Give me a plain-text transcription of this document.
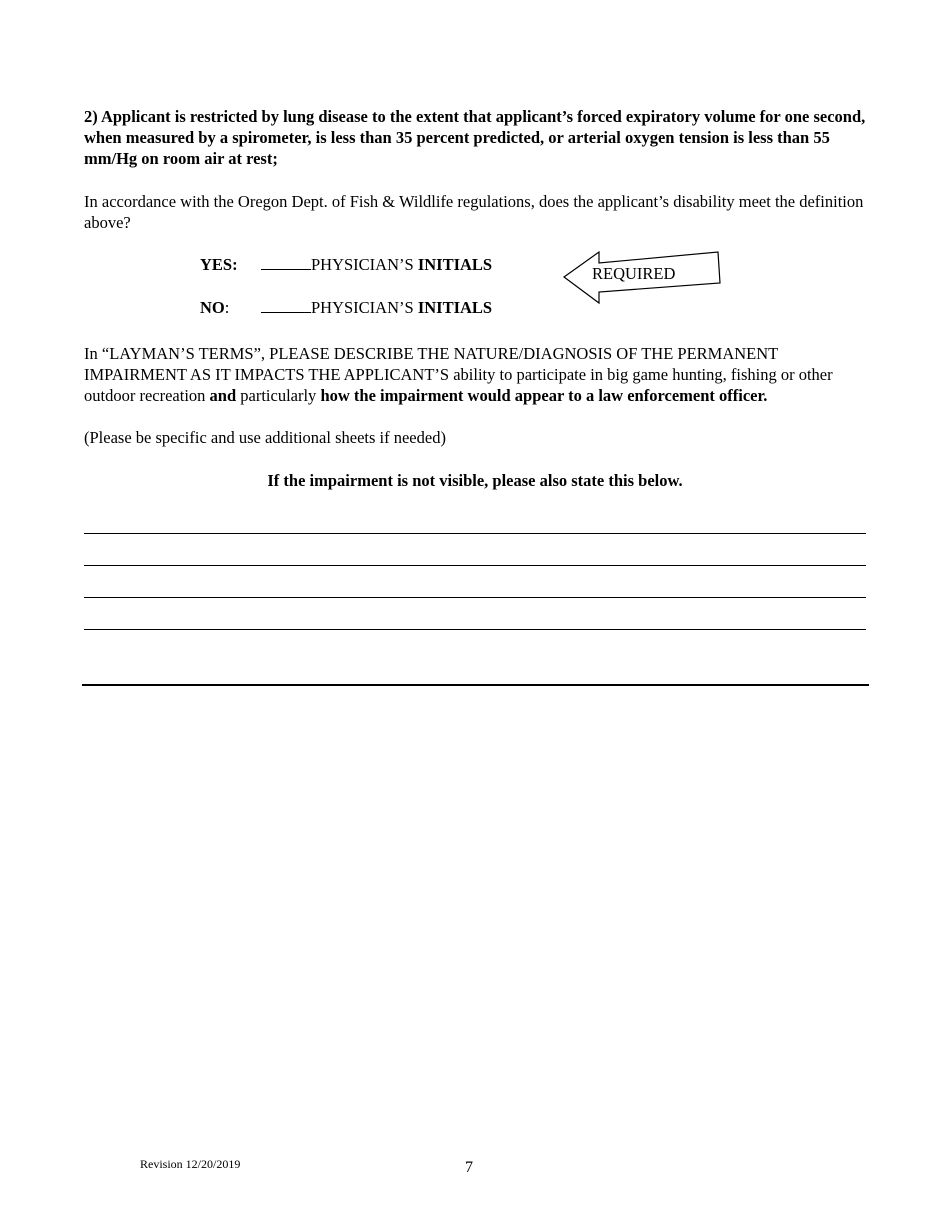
2) Applicant is restricted by lung disease to the extent that applicant’s forced expiratory volume for one second, when measured by a spirometer, is less than 35 percent predicted, or arterial oxygen tension is less than 55 mm/Hg on room air at rest;

In accordance with the Oregon Dept. of Fish & Wildlife regulations, does the applicant’s disability meet the definition above?

YES:	PHYSICIAN’S INITIALS
NO:	PHYSICIAN’S INITIALS
REQUIRED

In “LAYMAN’S TERMS”, PLEASE DESCRIBE THE NATURE/DIAGNOSIS OF THE PERMANENT IMPAIRMENT AS IT IMPACTS THE APPLICANT’S ability to participate in big game hunting, fishing or other outdoor recreation and particularly how the impairment would appear to a law enforcement officer.

(Please be specific and use additional sheets if needed)
If the impairment is not visible, please also state this below.
Revision 12/20/2019	7
